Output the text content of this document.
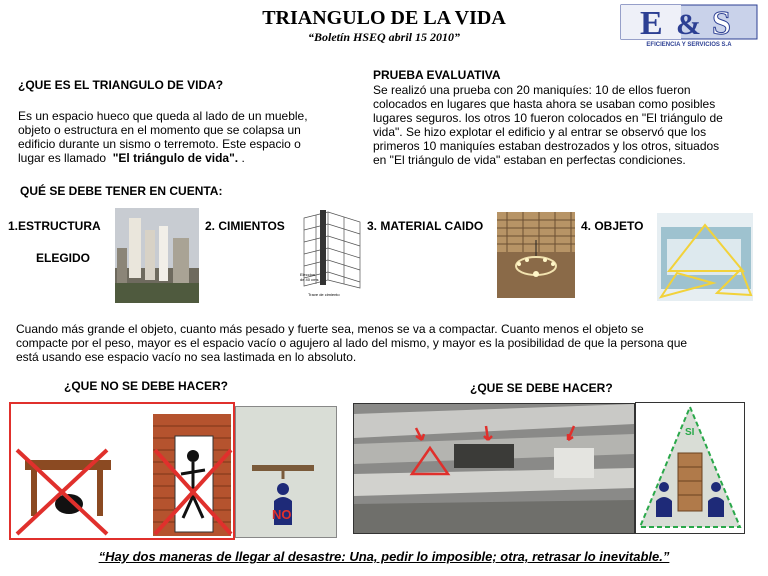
TRIANGULO DE LA VIDA
“Boletín HSEQ abril 15 2010”	E & S
EFICIENCIA Y SERVICIOS S.A
¿QUE ES EL TRIANGULO DE VIDA?
Es un espacio hueco que queda al lado de un mueble,
objeto o estructura en el momento que se colapsa un
edificio durante un sismo o terremoto. Este espacio o
lugar es llamado "El triángulo de vida". .
PRUEBA EVALUATIVA
Se realizó una prueba con 20 maniquíes: 10 de ellos fueron
colocados en lugares que hasta ahora se usaban como posibles
lugares seguros. los otros 10 fueron colocados en "El triángulo de
vida". Se hizo explotar el edificio y al entrar se observó que los
primeros 10 maniquíes estaban destrozados y los otros, situados
en "El triángulo de vida" estaban en perfectas condiciones.
QUÉ SE DEBE TENER EN CUENTA:
1.ESTRUCTURA
ELEGIDO
2. CIMIENTOS
Eleccion
de 40 cms
Trave de cimiento
3. MATERIAL CAIDO	4. OBJETO
Cuando más grande el objeto, cuanto más pesado y fuerte sea, menos se va a compactar. Cuanto menos el objeto se
compacte por el peso, mayor es el espacio vacío o agujero al lado del mismo, y mayor es la posibilidad de que la persona que
está usando ese espacio vacío no sea lastimada en lo absoluto.
¿QUE NO SE DEBE HACER?
NO
¿QUE SE DEBE HACER?
SI
“Hay dos maneras de llegar al desastre: Una, pedir lo imposible; otra, retrasar lo inevitable.”
